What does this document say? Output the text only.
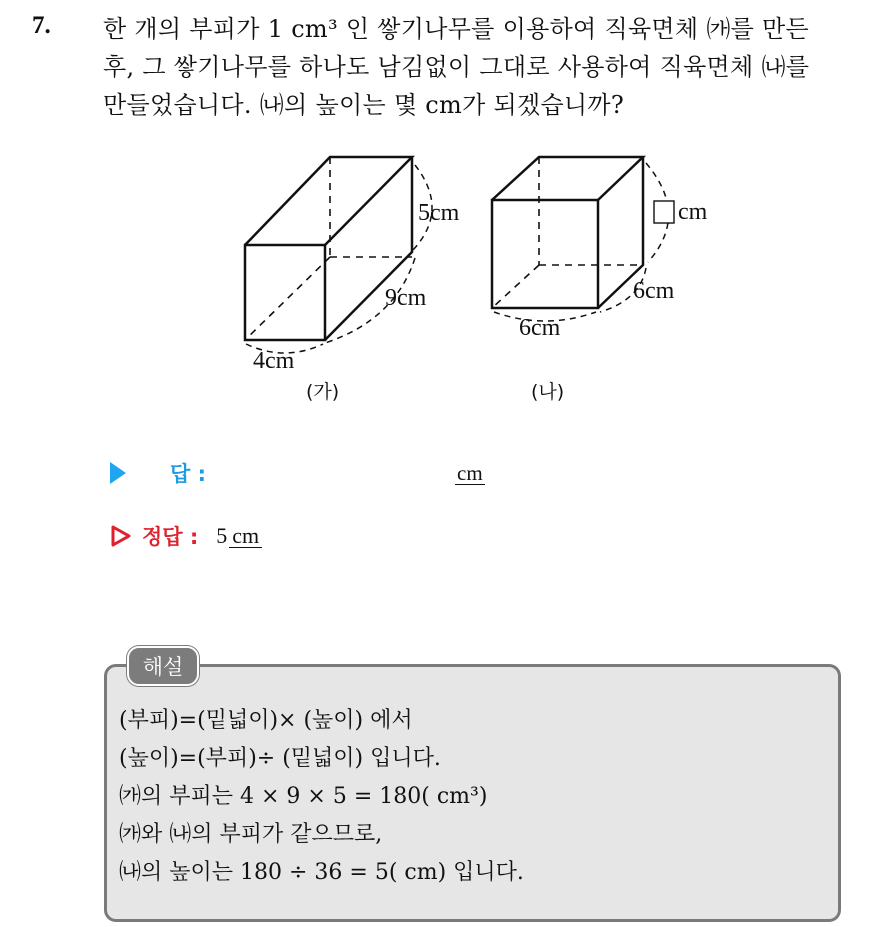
7. 한 개의 부피가 1 cm³ 인 쌓기나무를 이용하여 직육면체 ㈎를 만든
후, 그 쌓기나무를 하나도 남김없이 그대로 사용하여 직육면체 ㈏를
만들었습니다. ㈏의 높이는 몇 cm가 되겠습니까?
5cm
9cm
4cm
(가)
cm
6cm
6cm
(나)
답 :	cm
정답 : 5 cm
해설
(부피)=(밑넓이)× (높이) 에서
(높이)=(부피)÷ (밑넓이) 입니다.
㈎의 부피는 4 × 9 × 5 = 180( cm³)
㈎와 ㈏의 부피가 같으므로,
㈏의 높이는 180 ÷ 36 = 5( cm) 입니다.
